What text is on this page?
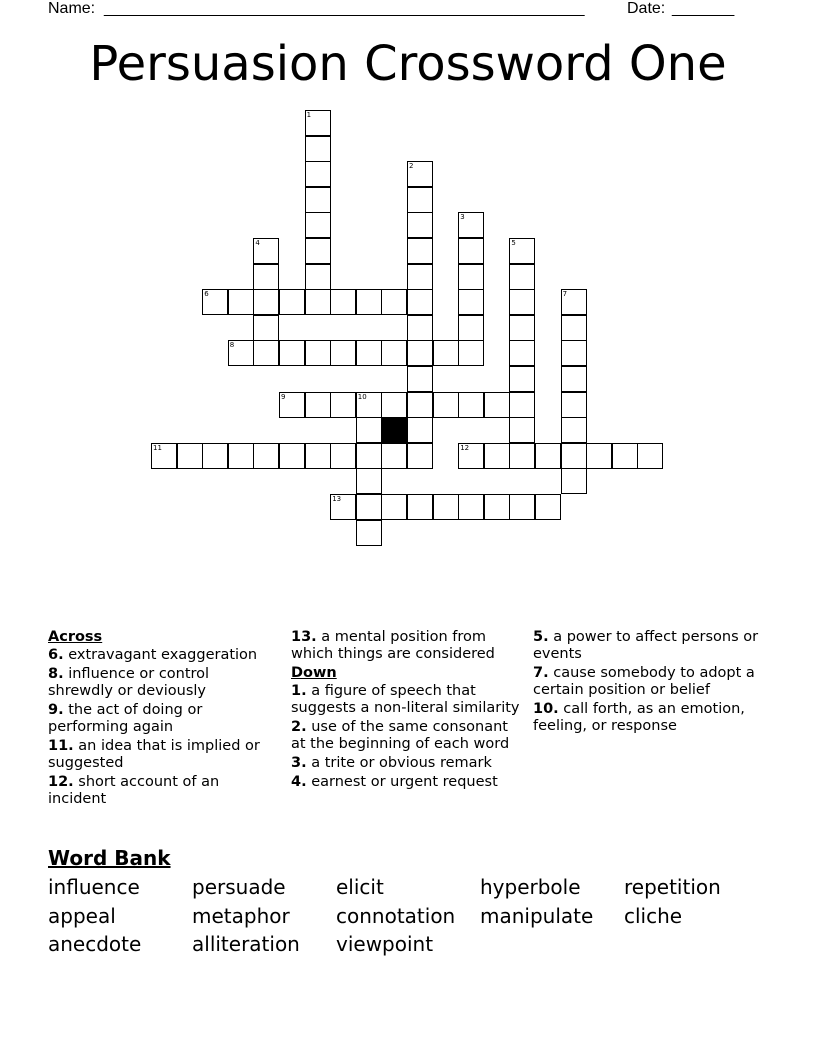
Name:

______________________________________________________

	Date:

_______

Persuasion Crossword One
6
8
9	10
11	12
13
1
2
3
4	5
7
Across
6. extravagant exaggeration
8. influence or control shrewdly or deviously
9. the act of doing or performing again
11. an idea that is implied or suggested
12. short account of an incident
13. a mental position from which things are considered
Down
1. a figure of speech that suggests a non-literal similarity
2. use of the same consonant at the beginning of each word
3. a trite or obvious remark
4. earnest or urgent request
5. a power to affect persons or events
7. cause somebody to adopt a certain position or belief
10. call forth, as an emotion, feeling, or response
Word Bank
influence	persuade	elicit	hyperbole repetition
appeal	metaphor connotation manipulate cliche
anecdote	alliteration viewpoint
